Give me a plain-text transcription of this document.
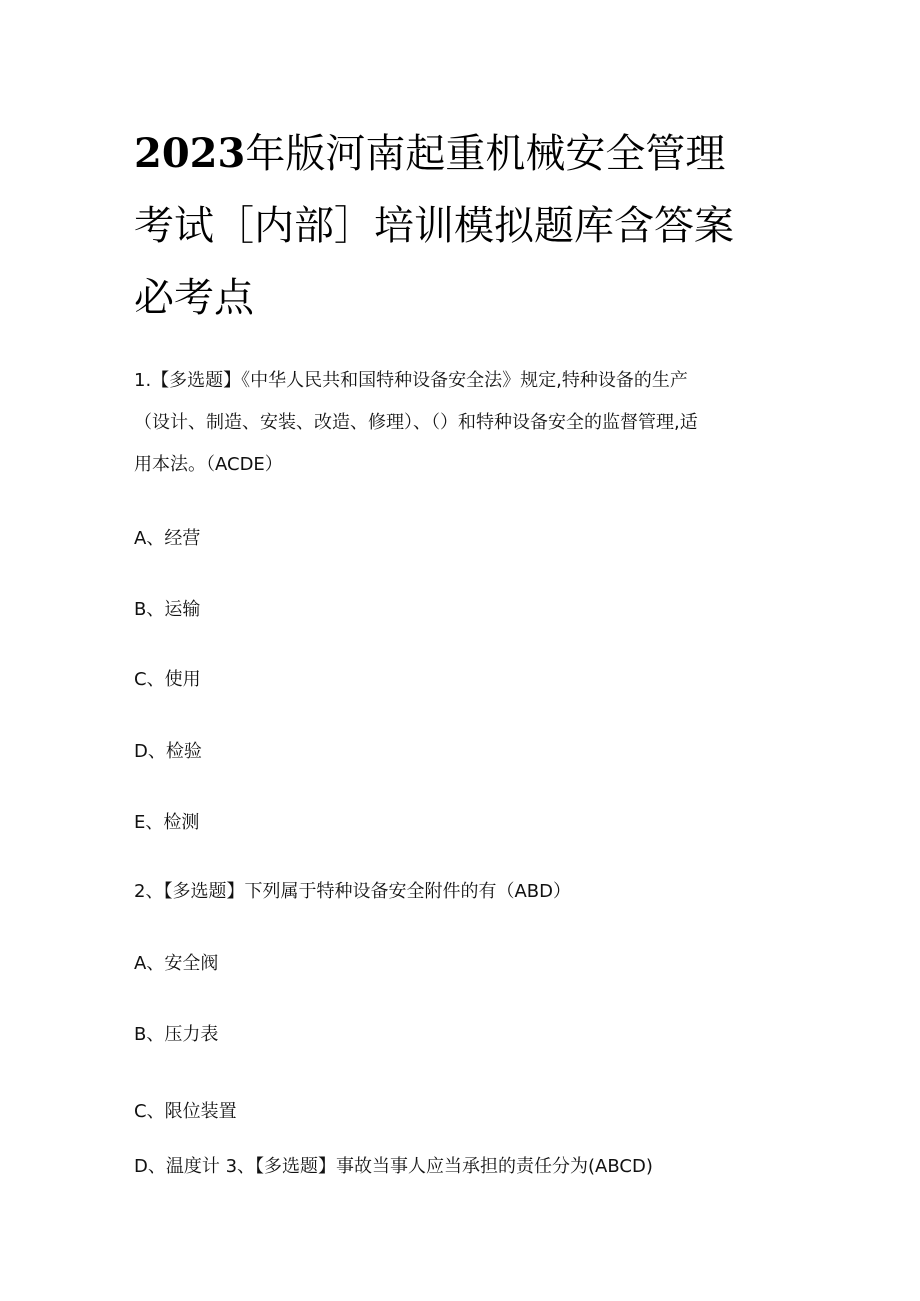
2023年版河南起重机械安全管理
考试［内部］培训模拟题库含答案
必考点
1.【多选题】《中华人民共和国特种设备安全法》规定,特种设备的生产
（设计、制造、安装、改造、修理）、（）和特种设备安全的监督管理,适
用本法。（ACDE）
A、经营
B、运输
C、使用
D、检验
E、检测
2、【多选题】下列属于特种设备安全附件的有（ABD）
A、安全阀
B、压力表
C、限位装置
D、温度计 3、【多选题】事故当事人应当承担的责任分为(ABCD)
